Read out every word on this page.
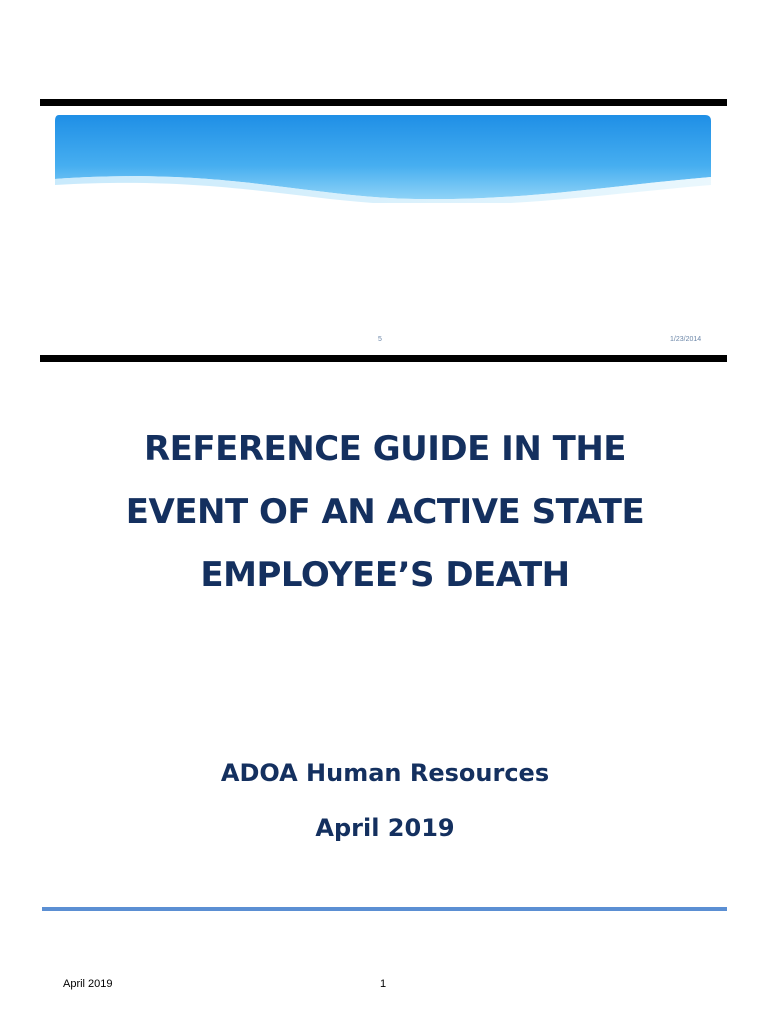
5	1/23/2014
REFERENCE GUIDE IN THE
EVENT OF AN ACTIVE STATE
EMPLOYEE’S DEATH
ADOA Human Resources
April 2019
April 2019	1
